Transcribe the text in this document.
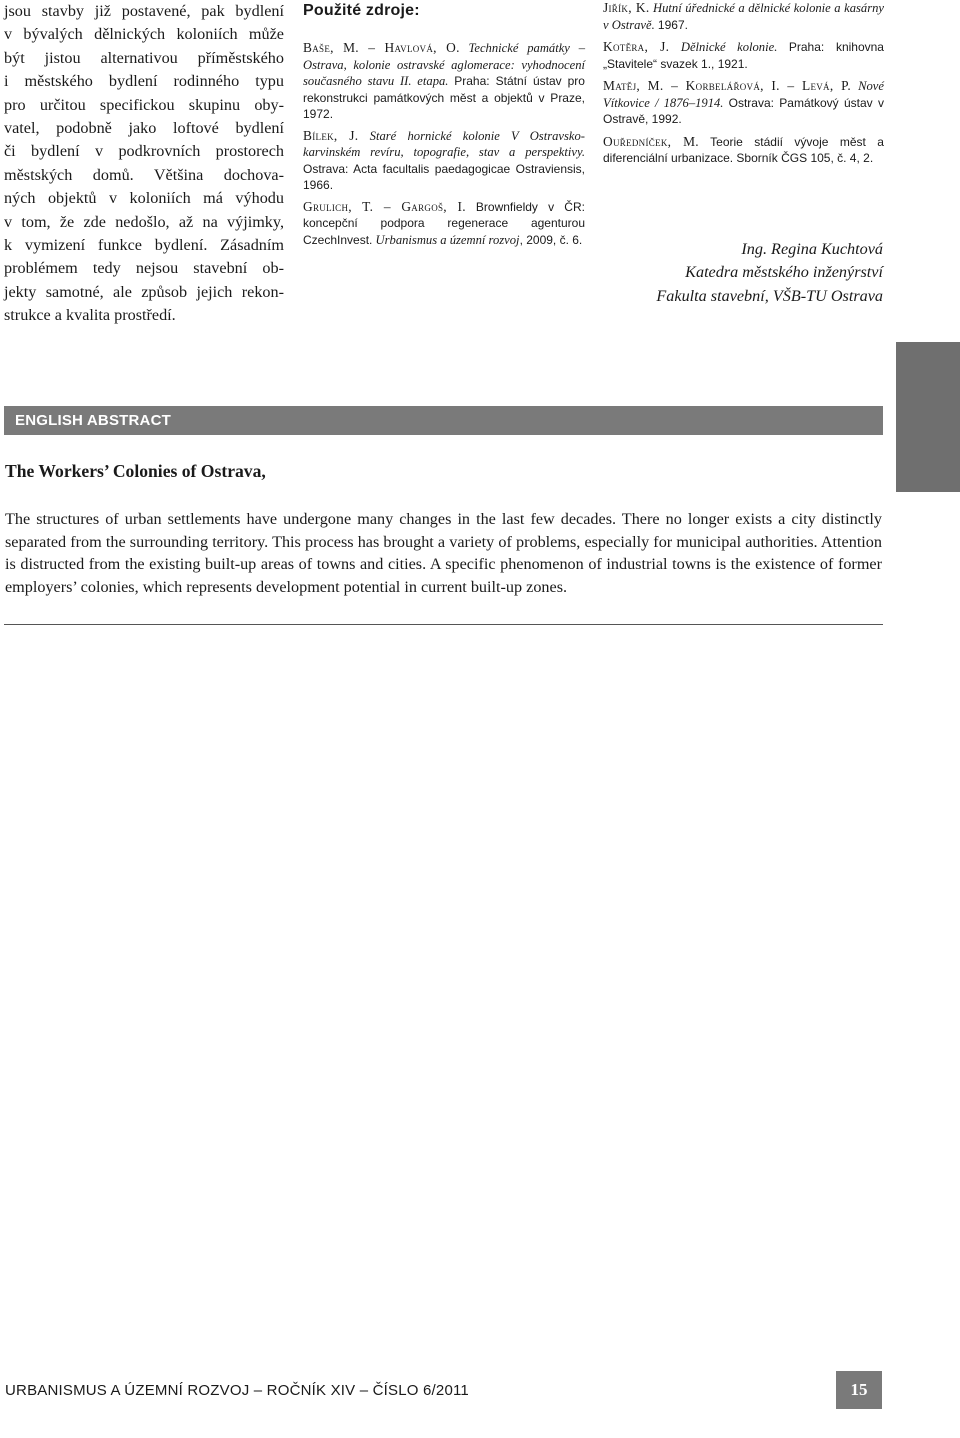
jsou stavby již postavené, pak bydlení
v bývalých dělnických koloniích může
být jistou alternativou příměstského
i městského bydlení rodinného typu
pro určitou specifickou skupinu oby-
vatel, podobně jako loftové bydlení
či bydlení v podkrovních prostorech
městských domů. Většina dochova-
ných objektů v koloniích má výhodu
v tom, že zde nedošlo, až na výjimky,
k vymizení funkce bydlení. Zásadním
problémem tedy nejsou stavební ob-
jekty samotné, ale způsob jejich rekon-
strukce a kvalita prostředí.

Použité zdroje:

Baše, M. – Havlová, O. Technické památky – Ostrava, kolonie ostravské aglomerace: vyhodnocení současného stavu II. etapa. Praha: Státní ústav pro rekonstrukci památkových měst a objektů v Praze, 1972.

Bílek, J. Staré hornické kolonie V Ostravsko-karvinském revíru, topografie, stav a perspektivy. Ostrava: Acta facultalis paedagogicae Ostraviensis, 1966.

Grulich, T. – Gargoš, I. Brownfieldy v ČR: koncepční podpora regenerace agenturou CzechInvest. Urbanismus a územní rozvoj, 2009, č. 6.

Jiřík, K. Hutní úřednické a dělnické kolonie a kasárny v Ostravě. 1967.

Kotěra, J. Dělnické kolonie. Praha: knihovna „Stavitele“ svazek 1., 1921.

Matěj, M. – Korbelářová, I. – Levá, P. Nové Vítkovice / 1876–1914. Ostrava: Památkový ústav v Ostravě, 1992.

Ouředníček, M. Teorie stádií vývoje měst a diferenciální urbanizace. Sborník ČGS 105, č. 4, 2.

Ing. Regina Kuchtová
Katedra městského inženýrství
Fakulta stavební, VŠB-TU Ostrava
ENGLISH ABSTRACT
The Workers’ Colonies of Ostrava,

The structures of urban settlements have undergone many changes in the last few decades. There no longer exists a city distinctly separated from the surrounding territory. This process has brought a variety of problems, especially for municipal authorities. Attention is distructed from the existing built-up areas of towns and cities. A specific phenomenon of industrial towns is the existence of former employers’ colonies, which represents development potential in current built-up zones.

URBANISMUS A ÚZEMNÍ ROZVOJ – ROČNÍK XIV – ČÍSLO 6/2011	15
